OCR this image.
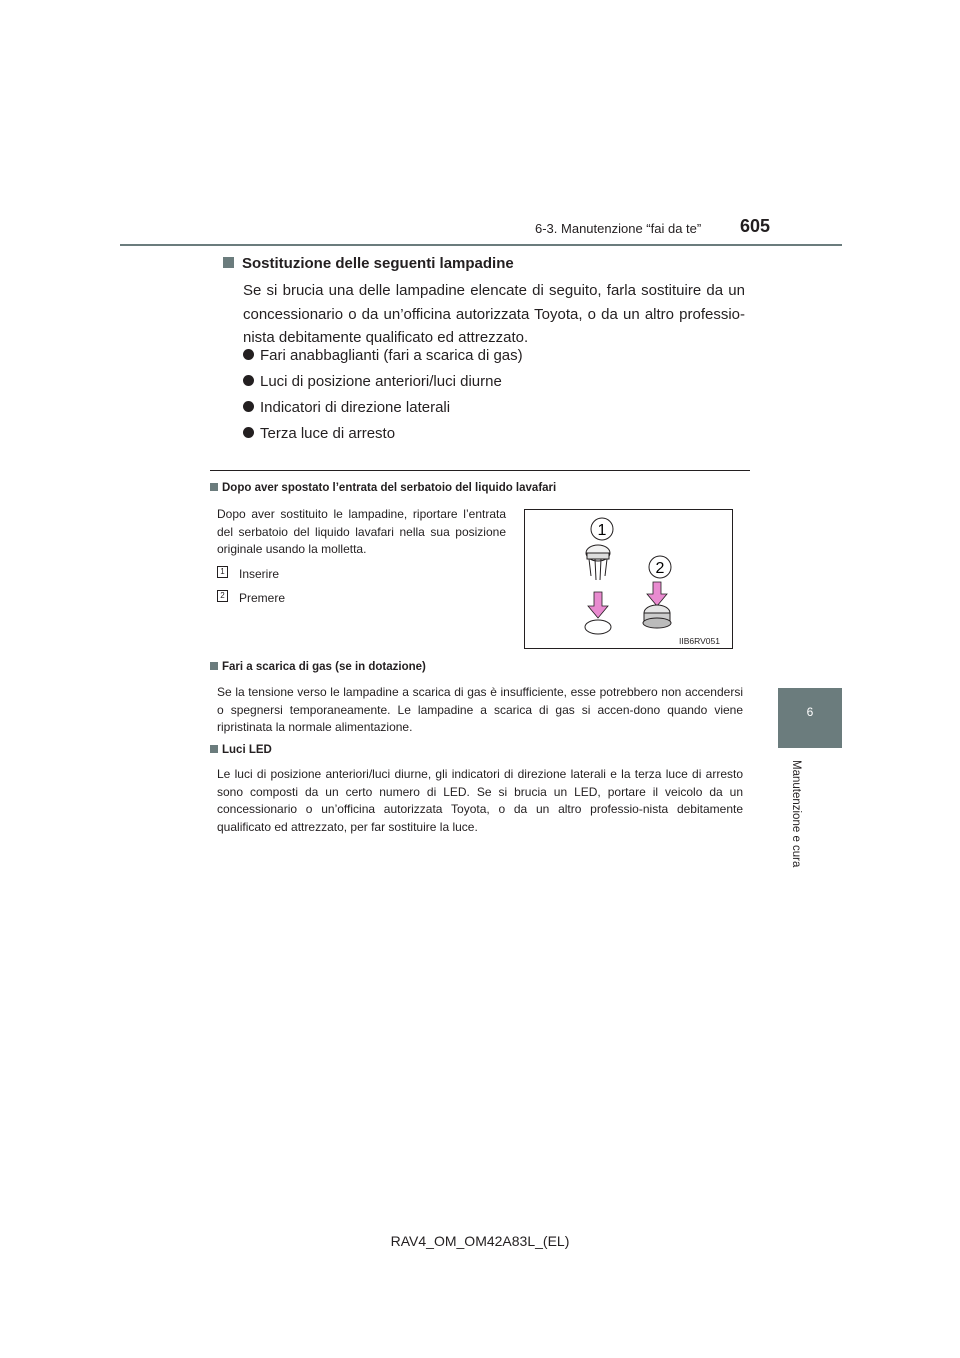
6-3. Manutenzione “fai da te” 605
6
Manutenzione e cura
Sostituzione delle seguenti lampadine
Se si brucia una delle lampadine elencate di seguito, farla sostituire da un concessionario o da un’officina autorizzata Toyota, o da un altro professio-nista debitamente qualificato ed attrezzato.
Fari anabbaglianti (fari a scarica di gas)
Luci di posizione anteriori/luci diurne
Indicatori di direzione laterali
Terza luce di arresto
Dopo aver spostato l’entrata del serbatoio del liquido lavafari
Dopo aver sostituito le lampadine, riportare l’entrata del serbatoio del liquido lavafari nella sua posizione originale usando la molletta.
1 Inserire
2 Premere
1
2
IIB6RV051
Fari a scarica di gas (se in dotazione)
Se la tensione verso le lampadine a scarica di gas è insufficiente, esse potrebbero non accendersi o spegnersi temporaneamente. Le lampadine a scarica di gas si accen-dono quando viene ripristinata la normale alimentazione.
Luci LED
Le luci di posizione anteriori/luci diurne, gli indicatori di direzione laterali e la terza luce di arresto sono composti da un certo numero di LED. Se si brucia un LED, portare il veicolo da un concessionario o un’officina autorizzata Toyota, o da un altro professio-nista debitamente qualificato ed attrezzato, per far sostituire la luce.
RAV4_OM_OM42A83L_(EL)
